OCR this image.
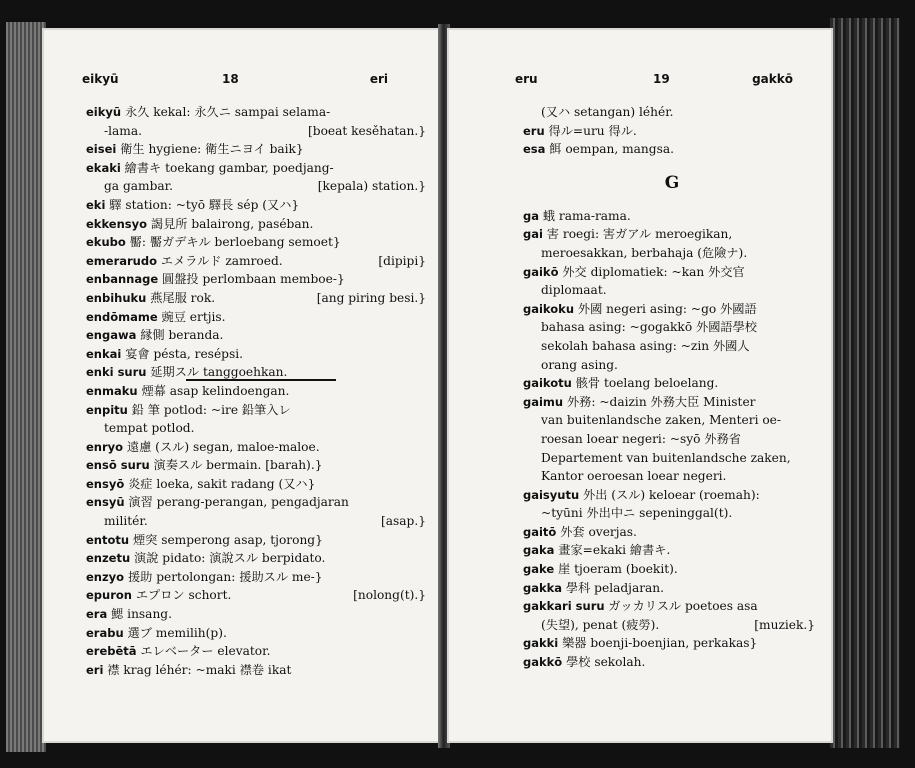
eikyū	18	eri
eikyū 永久 kekal: 永久ニ sampai selama-
-lama.	[boeat kesěhatan.}
eisei 衛生 hygiene: 衛生ニヨイ baik}
ekaki 繪書キ toekang gambar, poedjang-
ga gambar.	[kepala) station.}
eki 驛 station: ~tyō 驛長 sép (又ハ}
ekkensyo 謁見所 balairong, paséban.
ekubo 靨: 靨ガデキル berloebang semoet}
emerarudo エメラルド zamroed.	[dipipi}
enbannage 圓盤投 perlombaan memboe-}
enbihuku 燕尾服 rok.	[ang piring besi.}
endōmame 豌豆 ertjis.
engawa 縁側 beranda.
enkai 宴會 pésta, resépsi.
enki suru 延期スル tanggoehkan.
enmaku 煙幕 asap kelindoengan.
enpitu 鉛 筆 potlod: ~ire 鉛筆入レ
tempat potlod.
enryo 遠慮 (スル) segan, maloe-maloe.
ensō suru 演奏スル bermain. [barah).}
ensyō 炎症 loeka, sakit radang (又ハ}
ensyū 演習 perang-perangan, pengadjaran
militér.	[asap.}
entotu 煙突 semperong asap, tjorong}
enzetu 演說 pidato: 演說スル berpidato.
enzyo 援助 pertolongan: 援助スル me-}
epuron エプロン schort.	[nolong(t).}
era 鰓 insang.
erabu 選ブ memilih(p).
erebētā エレベーター elevator.
eri 襟 krag léhér: ~maki 襟卷 ikat
eru	19	gakkō
(又ハ setangan) léhér.
eru 得ル=uru 得ル.
esa 餌 oempan, mangsa.
G
ga 蛾 rama-rama.
gai 害 roegi: 害ガアル meroegikan,
meroesakkan, berbahaja (危險ナ).
gaikō 外交 diplomatiek: ~kan 外交官
diplomaat.
gaikoku 外國 negeri asing: ~go 外國語
bahasa asing: ~gogakkō 外國語學校
sekolah bahasa asing: ~zin 外國人
orang asing.
gaikotu 骸骨 toelang beloelang.
gaimu 外務: ~daizin 外務大臣 Minister
van buitenlandsche zaken, Menteri oe-
roesan loear negeri: ~syō 外務省
Departement van buitenlandsche zaken,
Kantor oeroesan loear negeri.
gaisyutu 外出 (スル) keloear (roemah):
~tyūni 外出中ニ sepeninggal(t).
gaitō 外套 overjas.
gaka 畫家=ekaki 繪書キ.
gake 崖 tjoeram (boekit).
gakka 學科 peladjaran.
gakkari suru ガッカリスル poetoes asa
(失望), penat (疲勞).	[muziek.}
gakki 樂器 boenji-boenjian, perkakas}
gakkō 學校 sekolah.
